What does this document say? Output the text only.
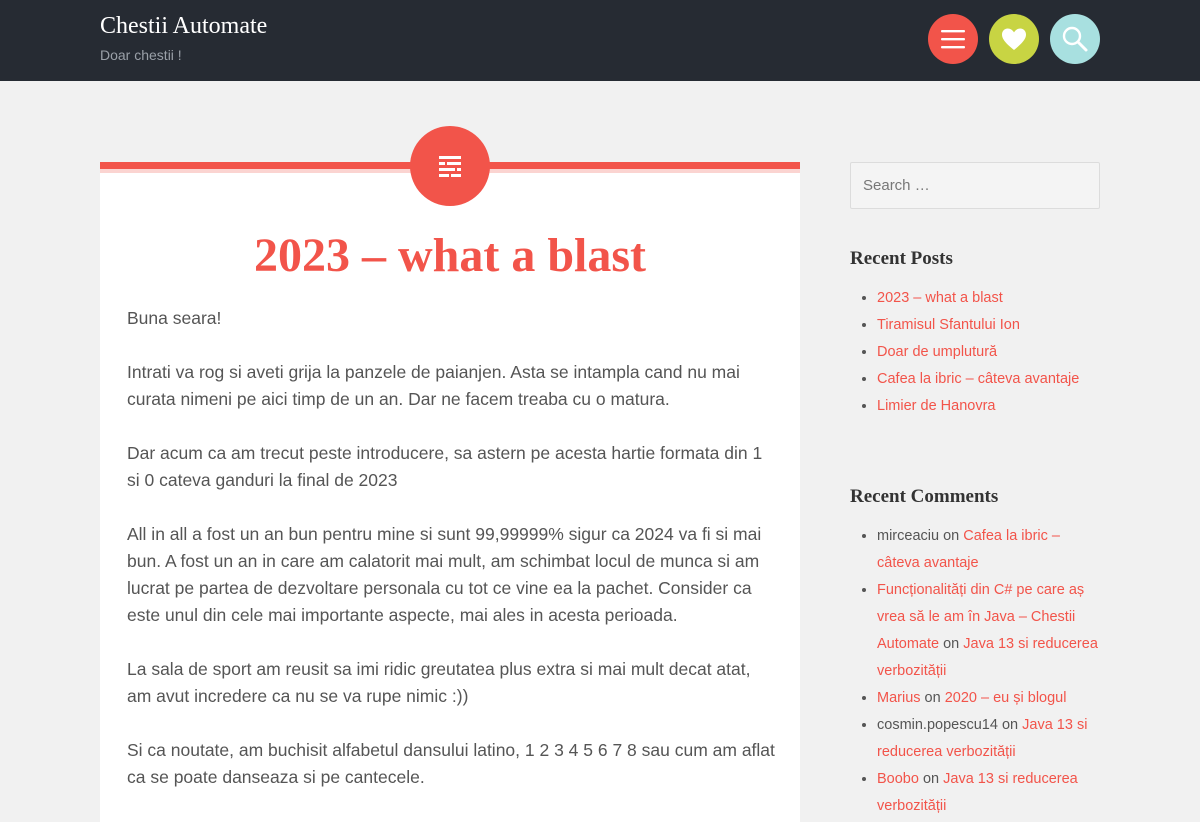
Chestii Automate
Doar chestii !
2023 – what a blast

Buna seara!

Intrati va rog si aveti grija la panzele de paianjen. Asta se intampla cand nu mai curata nimeni pe aici timp de un an. Dar ne facem treaba cu o matura.

Dar acum ca am trecut peste introducere, sa astern pe acesta hartie formata din 1 si 0 cateva ganduri la final de 2023

All in all a fost un an bun pentru mine si sunt 99,99999% sigur ca 2024 va fi si mai bun. A fost un an in care am calatorit mai mult, am schimbat locul de munca si am lucrat pe partea de dezvoltare personala cu tot ce vine ea la pachet. Consider ca este unul din cele mai importante aspecte, mai ales in acesta perioada.

La sala de sport am reusit sa imi ridic greutatea plus extra si mai mult decat atat, am avut incredere ca nu se va rupe nimic :))

Si ca noutate, am buchisit alfabetul dansului latino, 1 2 3 4 5 6 7 8 sau cum am aflat ca se poate danseaza si pe cantecele.

Search …
Recent Posts
• 2023 – what a blast
• Tiramisul Sfantului Ion
• Doar de umplutură
• Cafea la ibric – câteva avantaje
• Limier de Hanovra
Recent Comments
• mirceaciu on Cafea la ibric – câteva avantaje
• Funcționalități din C# pe care aș vrea să le am în Java – Chestii Automate on Java 13 si reducerea verbozității
• Marius on 2020 – eu și blogul
• cosmin.popescu14 on Java 13 si reducerea verbozității
• Boobo on Java 13 si reducerea verbozității
